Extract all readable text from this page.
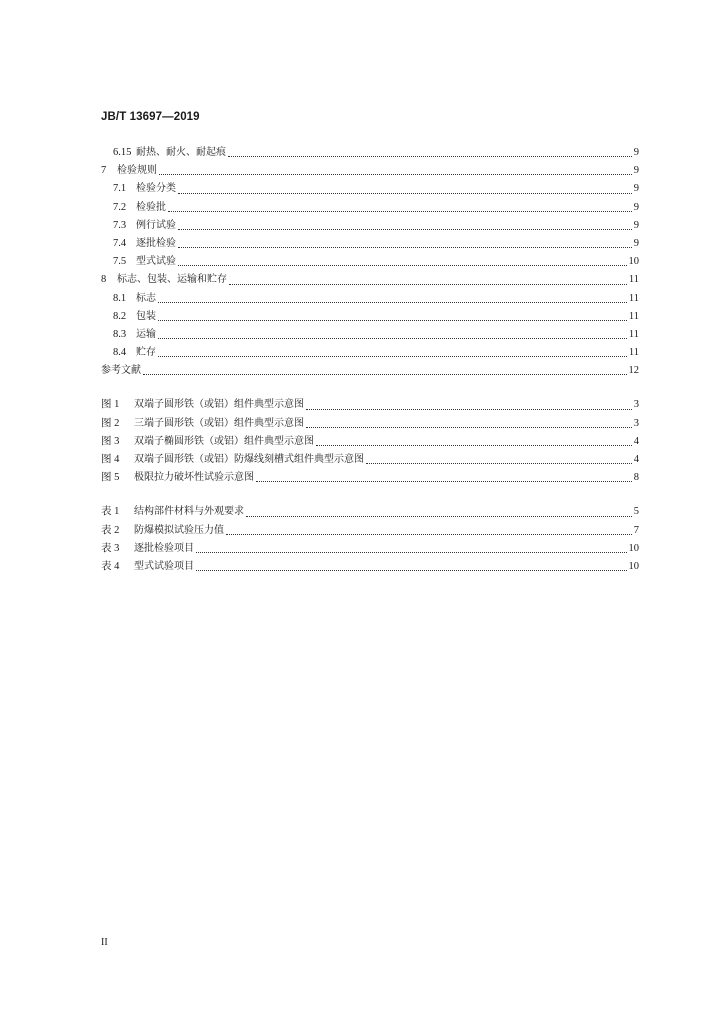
JB/T 13697—2019
6.15 耐热、耐火、耐起痕	9
7	检验规则	9
7.1 检验分类	9
7.2 检验批	9
7.3 例行试验	9
7.4 逐批检验	9
7.5 型式试验	10
8	标志、包装、运输和贮存	11
8.1 标志	11
8.2 包装	11
8.3 运输	11
8.4 贮存	11
参考文献	12
图 1	双端子圆形铁（或铝）组件典型示意图	3
图 2	三端子圆形铁（或铝）组件典型示意图	3
图 3	双端子椭圆形铁（或铝）组件典型示意图	4
图 4	双端子圆形铁（或铝）防爆线刻槽式组件典型示意图	4
图 5	极限拉力破坏性试验示意图	8
表 1	结构部件材料与外观要求	5
表 2	防爆模拟试验压力值	7
表 3	逐批检验项目	10
表 4	型式试验项目	10
II
